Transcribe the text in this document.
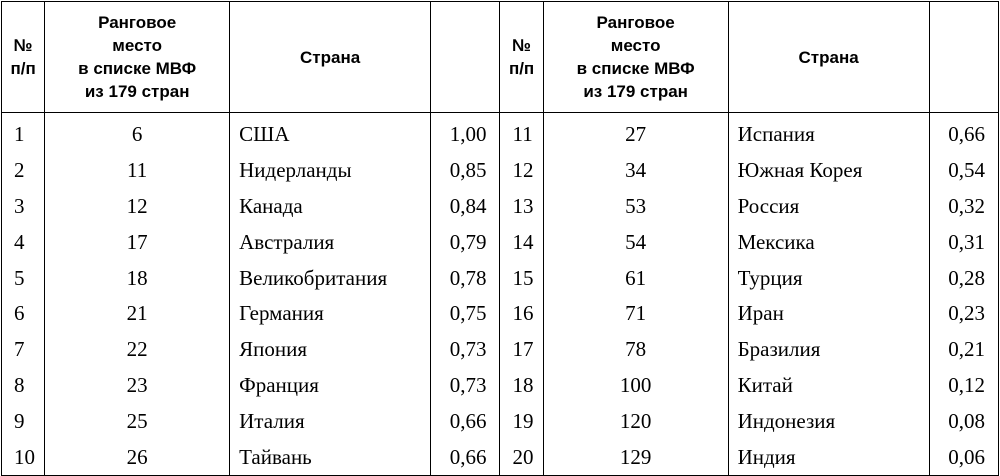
№
п/п	Ранговое
место
в списке МВФ
из 179 стран	Страна		№
п/п	Ранговое
место
в списке МВФ
из 179 стран	Страна	
1	6	США	1,00	11	27	Испания	0,66
2	11	Нидерланды	0,85	12	34	Южная Корея	0,54
3	12	Канада	0,84	13	53	Россия	0,32
4	17	Австралия	0,79	14	54	Мексика	0,31
5	18	Великобритания	0,78	15	61	Турция	0,28
6	21	Германия	0,75	16	71	Иран	0,23
7	22	Япония	0,73	17	78	Бразилия	0,21
8	23	Франция	0,73	18	100	Китай	0,12
9	25	Италия	0,66	19	120	Индонезия	0,08
10	26	Тайвань	0,66	20	129	Индия	0,06
